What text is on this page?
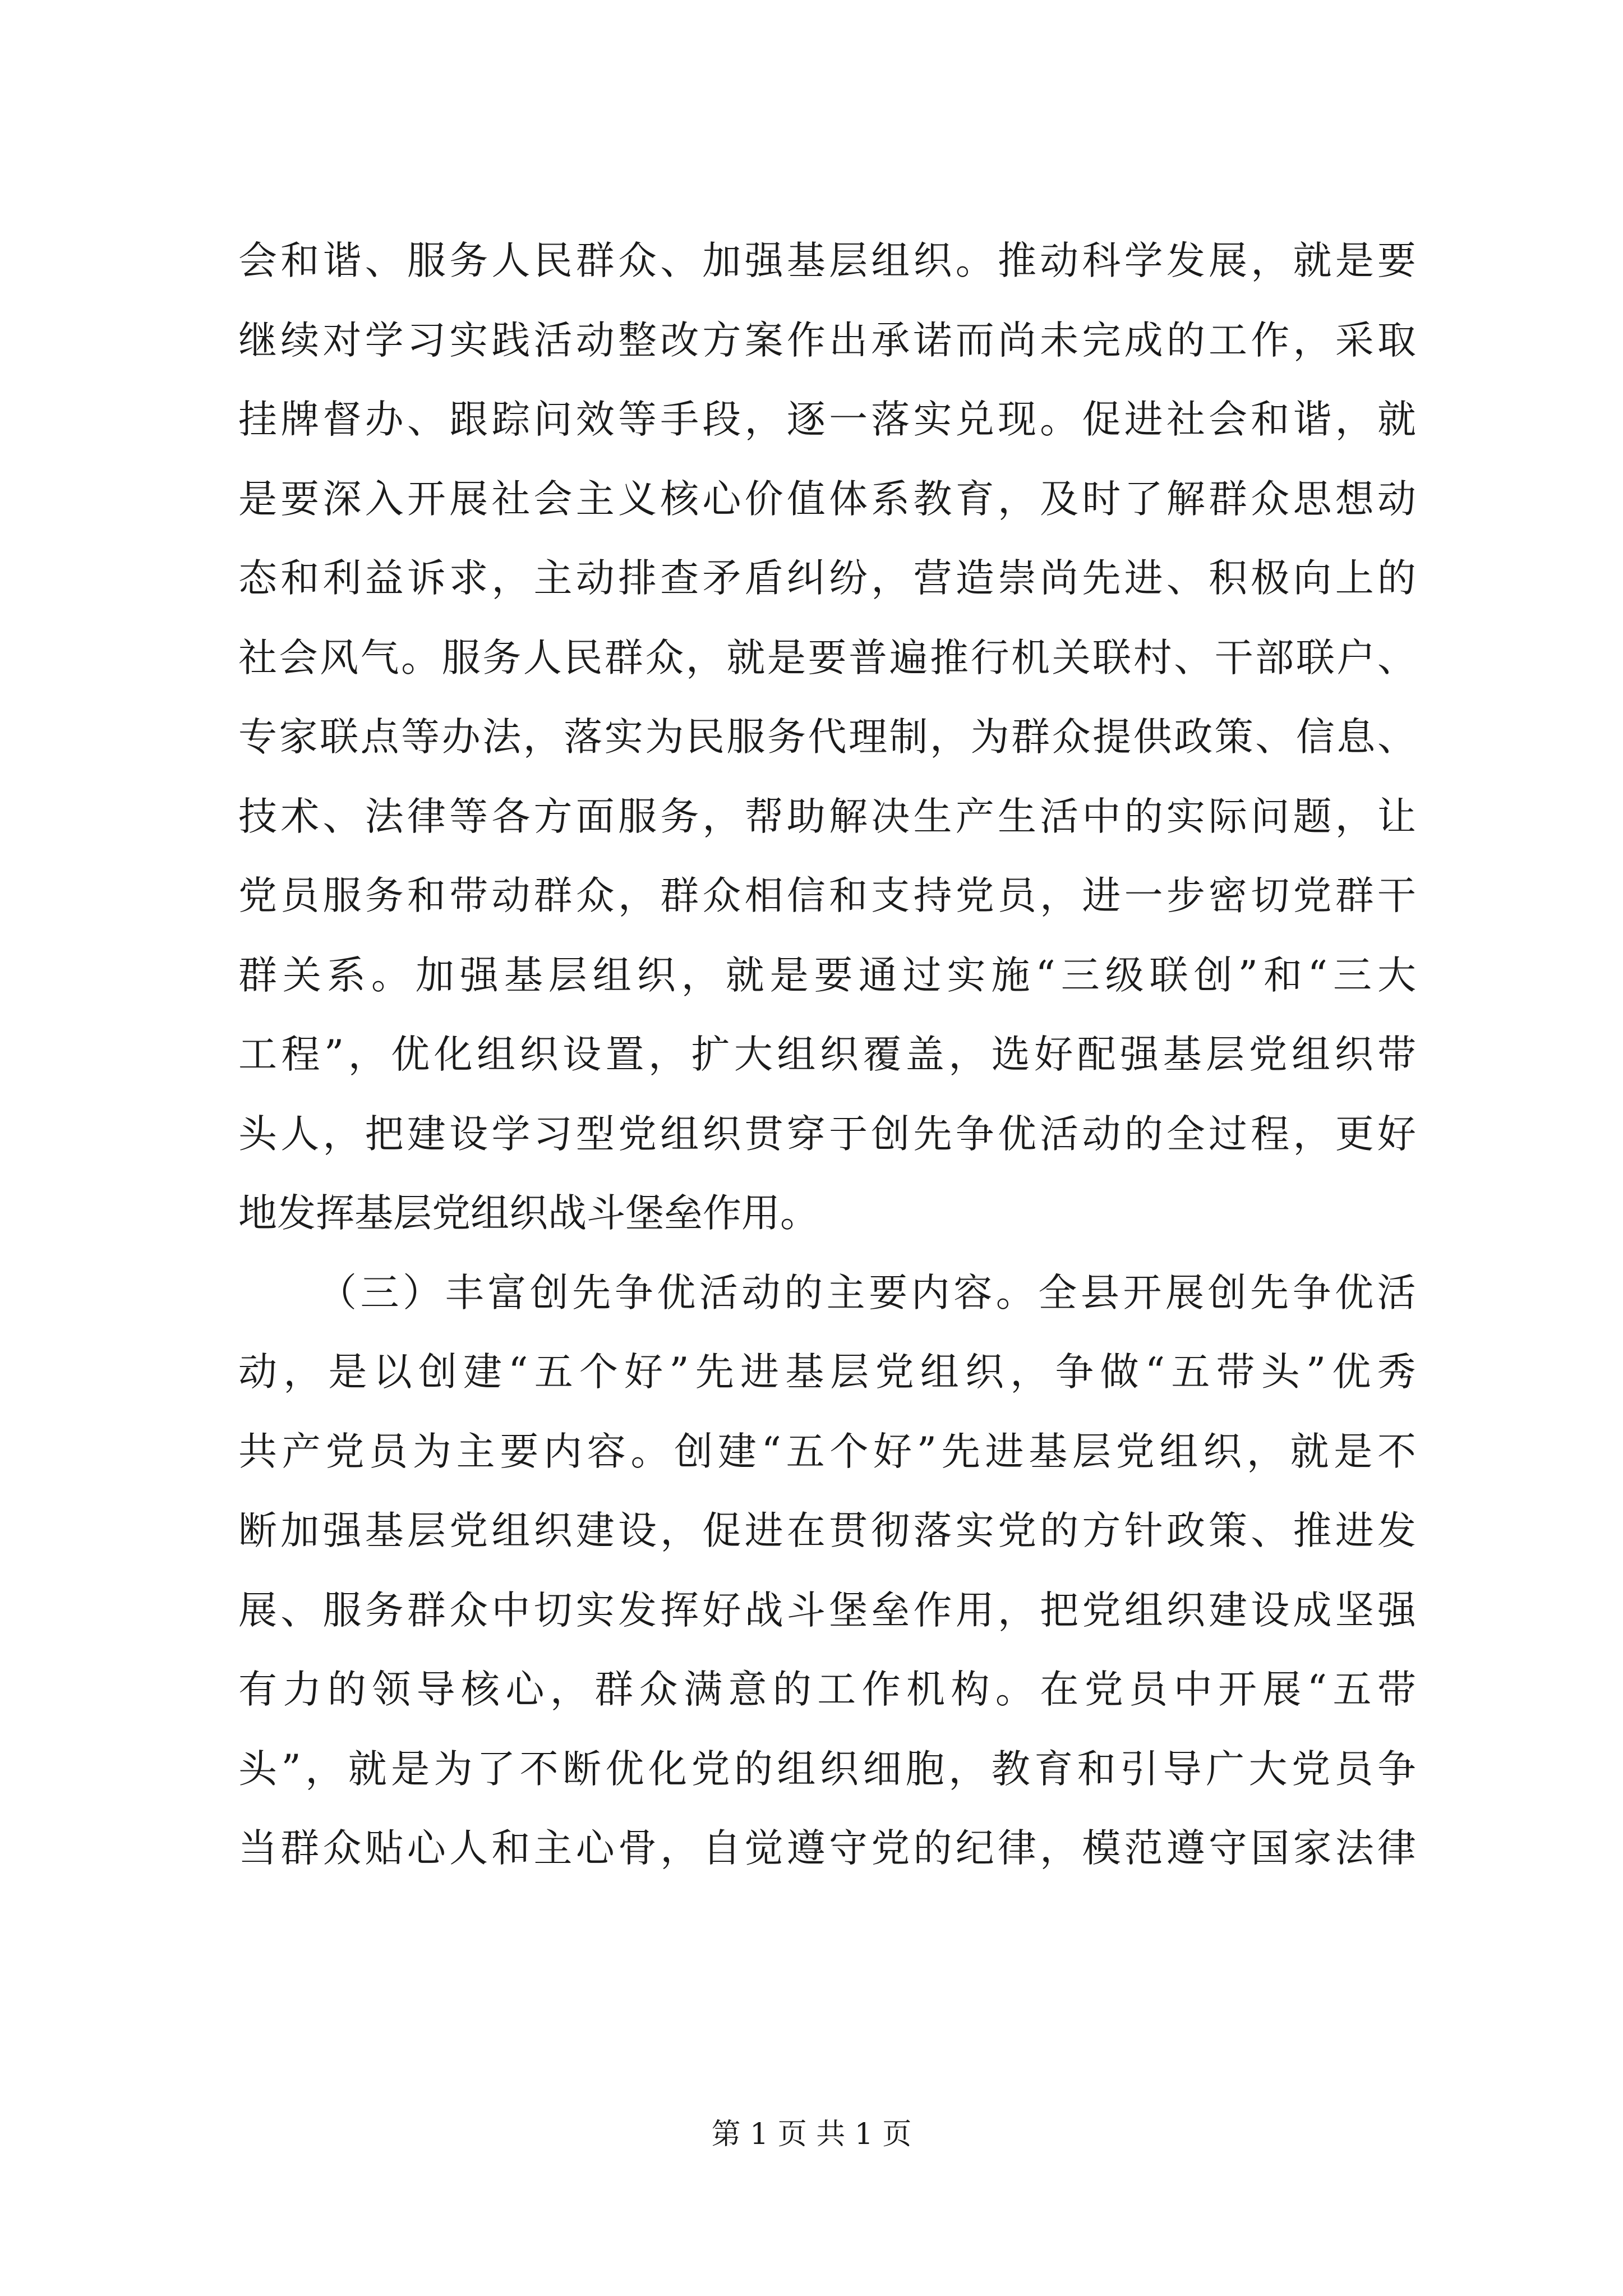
会 和 谐 、 服 务 人 民 群 众 、 加 强 基 层 组 织 。 推 动 科 学 发 展 ， 就 是 要
继 续 对 学 习 实 践 活 动 整 改 方 案 作 出 承 诺 而 尚 未 完 成 的 工 作 ， 采 取
挂 牌 督 办 、 跟 踪 问 效 等 手 段 ， 逐 一 落 实 兑 现 。 促 进 社 会 和 谐 ， 就
是 要 深 入 开 展 社 会 主 义 核 心 价 值 体 系 教 育 ， 及 时 了 解 群 众 思 想 动
态 和 利 益 诉 求 ， 主 动 排 查 矛 盾 纠 纷 ， 营 造 崇 尚 先 进 、 积 极 向 上 的
社 会 风 气 。 服 务 人 民 群 众 ， 就 是 要 普 遍 推 行 机 关 联 村 、 干 部 联 户 、
专 家 联 点 等 办 法 ， 落 实 为 民 服 务 代 理 制 ， 为 群 众 提 供 政 策 、 信 息 、
技 术 、 法 律 等 各 方 面 服 务 ， 帮 助 解 决 生 产 生 活 中 的 实 际 问 题 ， 让
党 员 服 务 和 带 动 群 众 ， 群 众 相 信 和 支 持 党 员 ， 进 一 步 密 切 党 群 干
群 关 系 。 加 强 基 层 组 织 ， 就 是 要 通 过 实 施 “ 三 级 联 创 ” 和 “ 三 大
工 程 ” ， 优 化 组 织 设 置 ， 扩 大 组 织 覆 盖 ， 选 好 配 强 基 层 党 组 织 带
头 人 ， 把 建 设 学 习 型 党 组 织 贯 穿 于 创 先 争 优 活 动 的 全 过 程 ， 更 好
地发挥基层党组织战斗堡垒作用。
（ 三 ） 丰 富 创 先 争 优 活 动 的 主 要 内 容 。 全 县 开 展 创 先 争 优 活
动 ， 是 以 创 建 “ 五 个 好 ” 先 进 基 层 党 组 织 ， 争 做 “ 五 带 头 ” 优 秀
共 产 党 员 为 主 要 内 容 。 创 建 “ 五 个 好 ” 先 进 基 层 党 组 织 ， 就 是 不
断 加 强 基 层 党 组 织 建 设 ， 促 进 在 贯 彻 落 实 党 的 方 针 政 策 、 推 进 发
展 、 服 务 群 众 中 切 实 发 挥 好 战 斗 堡 垒 作 用 ， 把 党 组 织 建 设 成 坚 强
有 力 的 领 导 核 心 ， 群 众 满 意 的 工 作 机 构 。 在 党 员 中 开 展 “ 五 带
头 ” ， 就 是 为 了 不 断 优 化 党 的 组 织 细 胞 ， 教 育 和 引 导 广 大 党 员 争
当 群 众 贴 心 人 和 主 心 骨 ， 自 觉 遵 守 党 的 纪 律 ， 模 范 遵 守 国 家 法 律
第 1 页 共 1 页
